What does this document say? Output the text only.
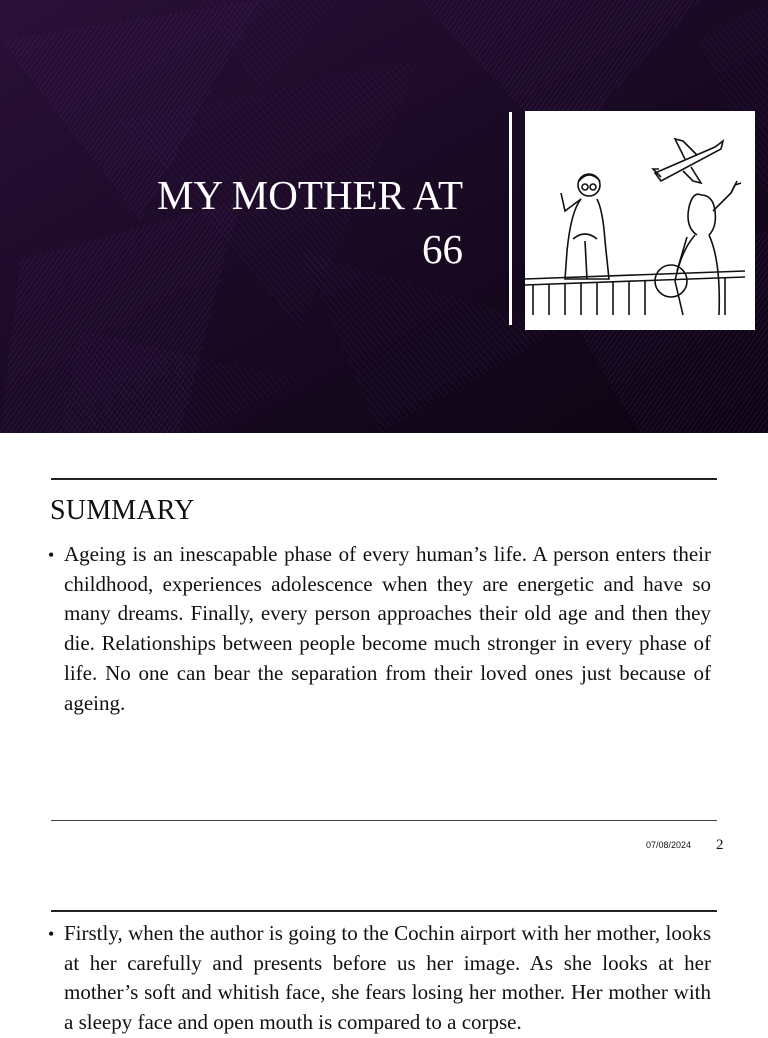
MY MOTHER AT
66
SUMMARY
• Ageing is an inescapable phase of every human’s life. A person enters their childhood, experiences adolescence when they are energetic and have so many dreams. Finally, every person approaches their old age and then they die. Relationships between people become much stronger in every phase of life. No one can bear the separation from their loved ones just because of ageing.

07/08/2024 2
• Firstly, when the author is going to the Cochin airport with her mother, looks at her carefully and presents before us her image. As she looks at her mother’s soft and whitish face, she fears losing her mother. Her mother with a sleepy face and open mouth is compared to a corpse.
